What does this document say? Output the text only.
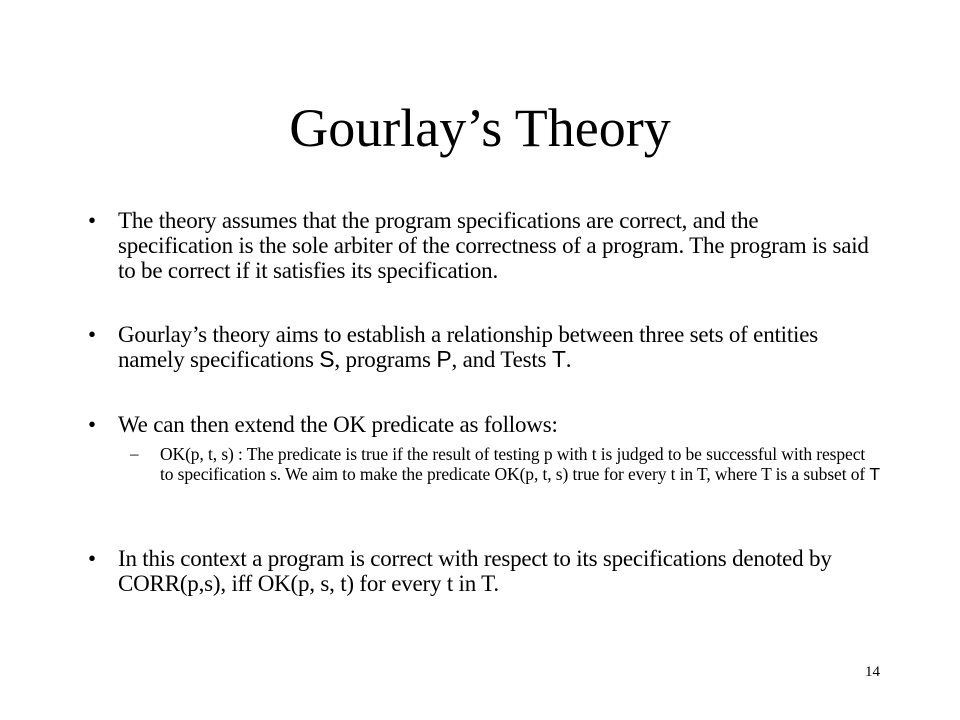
Gourlay’s Theory
• The theory assumes that the program specifications are correct, and the specification is the sole arbiter of the correctness of a program. The program is said to be correct if it satisfies its specification.
• Gourlay’s theory aims to establish a relationship between three sets of entities namely specifications S, programs P, and Tests T.
• We can then extend the OK predicate as follows:
– OK(p, t, s) : The predicate is true if the result of testing p with t is judged to be successful with respect to specification s. We aim to make the predicate OK(p, t, s) true for every t in T, where T is a subset of T
• In this context a program is correct with respect to its specifications denoted by CORR(p,s), iff OK(p, s, t) for every t in T.
14
